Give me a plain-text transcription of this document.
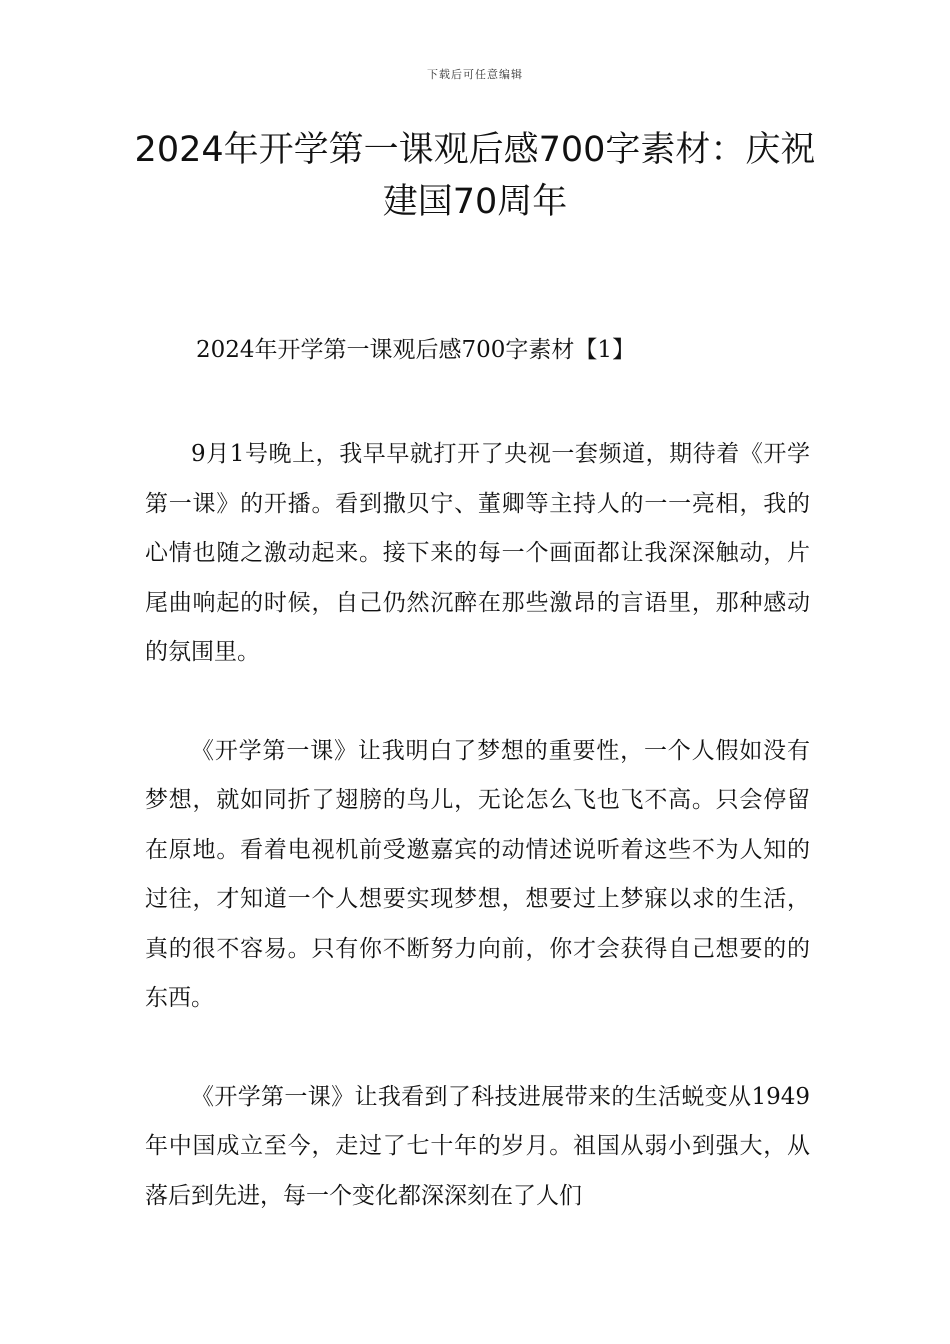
下载后可任意编辑
2024年开学第一课观后感700字素材：庆祝建国70周年
2024年开学第一课观后感700字素材【1】

9月1号晚上，我早早就打开了央视一套频道，期待着《开学第一课》的开播。看到撒贝宁、董卿等主持人的一一亮相，我的心情也随之激动起来。接下来的每一个画面都让我深深触动，片尾曲响起的时候，自己仍然沉醉在那些激昂的言语里，那种感动的氛围里。

《开学第一课》让我明白了梦想的重要性，一个人假如没有梦想，就如同折了翅膀的鸟儿，无论怎么飞也飞不高。只会停留在原地。看着电视机前受邀嘉宾的动情述说听着这些不为人知的过往，才知道一个人想要实现梦想，想要过上梦寐以求的生活，真的很不容易。只有你不断努力向前，你才会获得自己想要的的东西。

《开学第一课》让我看到了科技进展带来的生活蜕变从1949年中国成立至今，走过了七十年的岁月。祖国从弱小到强大，从落后到先进，每一个变化都深深刻在了人们
